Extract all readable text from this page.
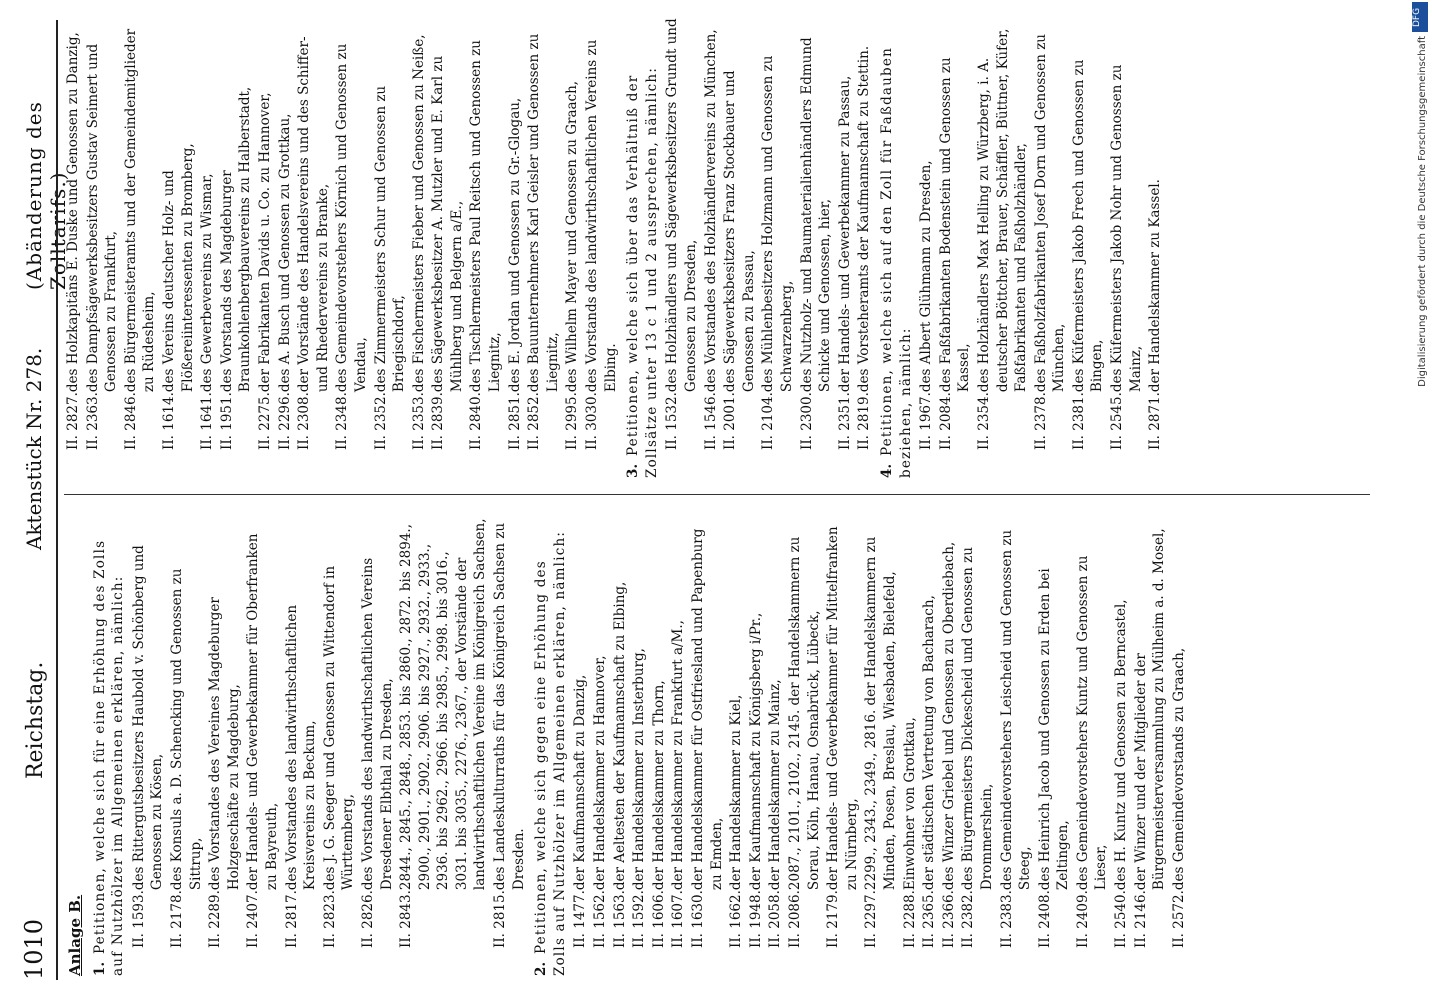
DFG
Digitalisierung gefördert durch die Deutsche Forschungsgemeinschaft
1010                    Reichstag.
Aktenstück Nr. 278.
(Abänderung des Zolltarifs.)
Anlage B. 1.Petitionen, welche sich für eine Erhöhung des Zolls auf Nutzhölzer im Allgemeinen erklären, nämlich: II. 1593.
des Rittergutsbesitzers Haubold v. Schönberg und Genossen zu Kösen,
II. 2178.
des Konsuls a. D. Schencking und Genossen zu Sittrup,
II. 2289.
des Vorstandes des Vereines Magdeburger Holzgeschäfte zu Magdeburg,
II. 2407.
der Handels- und Gewerbekammer für Oberfranken zu Bayreuth,
II. 2817.
des Vorstandes des landwirthschaftlichen Kreisvereins zu Beckum,
II. 2823.
des J. G. Seeger und Genossen zu Wittendorf in Württemberg,
II. 2826.
des Vorstands des landwirthschaftlichen Vereins Dresdener Elbthal zu Dresden,
II. 2843.
2844., 2845., 2848., 2853. bis 2860., 2872. bis 2894., 2900., 2901., 2902., 2906. bis 2927., 2932., 2933., 2936. bis 2962., 2966. bis 2985., 2998. bis 3016., 3031. bis 3035., 2276., 2367., der Vorstände der landwirthschaftlichen Vereine im Königreich Sachsen,
II. 2815.
des Landeskulturraths für das Königreich Sachsen zu Dresden.
2.Petitionen, welche sich gegen eine Erhöhung des Zolls auf Nutzhölzer im Allgemeinen erklären, nämlich: II. 1477.
der Kaufmannschaft zu Danzig,
II. 1562.
der Handelskammer zu Hannover,
II. 1563.
der Aeltesten der Kaufmannschaft zu Elbing,
II. 1592.
der Handelskammer zu Insterburg,
II. 1606.
der Handelskammer zu Thorn,
II. 1607.
der Handelskammer zu Frankfurt a/M.,
II. 1630.
der Handelskammer für Ostfriesland und Papenburg zu Emden,
II. 1662.
der Handelskammer zu Kiel,
II. 1948.
der Kaufmannschaft zu Königsberg i/Pr.,
II. 2058.
der Handelskammer zu Mainz,
II. 2086.
2087., 2101., 2102., 2145. der Handelskammern zu Sorau, Köln, Hanau, Osnabrück, Lübeck,
II. 2179.
der Handels- und Gewerbekammer für Mittelfranken zu Nürnberg,
II. 2297.
2299., 2343., 2349., 2816. der Handelskammern zu Minden, Posen, Breslau, Wiesbaden, Bielefeld,
II. 2288.
Einwohner von Grottkau,
II. 2365.
der städtischen Vertretung von Bacharach,
II. 2366.
des Winzer Griebel und Genossen zu Oberdiebach,
II. 2382.
des Bürgermeisters Dickescheid und Genossen zu Drommershein,
II. 2383.
des Gemeindevorstehers Leischeid und Genossen zu Steeg,
II. 2408.
des Heinrich Jacob und Genossen zu Erden bei Zeltingen,
II. 2409.
des Gemeindevorstehers Kuntz und Genossen zu Lieser,
II. 2540.
des H. Kuntz und Genossen zu Berncastel,
II. 2146.
der Winzer und der Mitglieder der Bürgermeisterversammlung zu Mülheim a. d. Mosel,
II. 2572.
des Gemeindevorstands zu Graach,
II. 2827.
des Holzkapitäns E. Duske und Genossen zu Danzig,
II. 2363.
des Dampfsägewerksbesitzers Gustav Seimert und Genossen zu Frankfurt,
II. 2846.
des Bürgermeisteramts und der Gemeindemitglieder zu Rüdesheim,
II. 1614.
des Vereins deutscher Holz- und Flößereiinteressenten zu Bromberg,
II. 1641.
des Gewerbevereins zu Wismar,
II. 1951.
des Vorstands des Magdeburger Braunkohlenbergbauvereins zu Halberstadt,
II. 2275.
der Fabrikanten Davids u. Co. zu Hannover,
II. 2296.
des A. Busch und Genossen zu Grottkau,
II. 2308.
der Vorstände des Handelsvereins und des Schiffer- und Rhedervereins zu Branke,
II. 2348.
des Gemeindevorstehers Körnich und Genossen zu Vendau,
II. 2352.
des Zimmermeisters Schur und Genossen zu Briegischdorf,
II. 2353.
des Fischermeisters Fieber und Genossen zu Neiße,
II. 2839.
des Sägewerksbesitzer A. Mutzler und E. Karl zu Mühlberg und Belgern a/E.,
II. 2840.
des Tischlermeisters Paul Reitsch und Genossen zu Liegnitz,
II. 2851.
des E. Jordan und Genossen zu Gr.-Glogau,
II. 2852.
des Bauunternehmers Karl Geisler und Genossen zu Liegnitz,
II. 2995.
des Wilhelm Mayer und Genossen zu Graach,
II. 3030.
des Vorstands des landwirthschaftlichen Vereins zu Elbing.
3.Petitionen, welche sich über das Verhältniß der Zollsätze unter 13 c 1 und 2 aussprechen, nämlich: II. 1532.
des Holzhändlers und Sägewerksbesitzers Grundt und Genossen zu Dresden,
II. 1546.
des Vorstandes des Holzhändlervereins zu München,
II. 2001.
des Sägewerksbesitzers Franz Stockbauer und Genossen zu Passau,
II. 2104.
des Mühlenbesitzers Holzmann und Genossen zu Schwarzenberg,
II. 2300.
des Nutzholz- und Baumaterialienhändlers Edmund Schicke und Genossen, hier,
II. 2351.
der Handels- und Gewerbekammer zu Passau,
II. 2819.
des Vorsteheramts der Kaufmannschaft zu Stettin.
4.Petitionen, welche sich auf den Zoll für Faßdauben beziehen, nämlich: II. 1967.
des Albert Glühmann zu Dresden,
II. 2084.
des Faßfabrikanten Bodenstein und Genossen zu Kassel,
II. 2354.
des Holzhändlers Max Helling zu Würzberg, i. A. deutscher Böttcher, Brauer, Schäffler, Büttner, Küfer, Faßfabrikanten und Faßholzhändler,
II. 2378.
des Faßholzfabrikanten Josef Dorn und Genossen zu München,
II. 2381.
des Küfermeisters Jakob Frech und Genossen zu Bingen,
II. 2545.
des Küfermeisters Jakob Nohr und Genossen zu Mainz,
II. 2871.
der Handelskammer zu Kassel.
